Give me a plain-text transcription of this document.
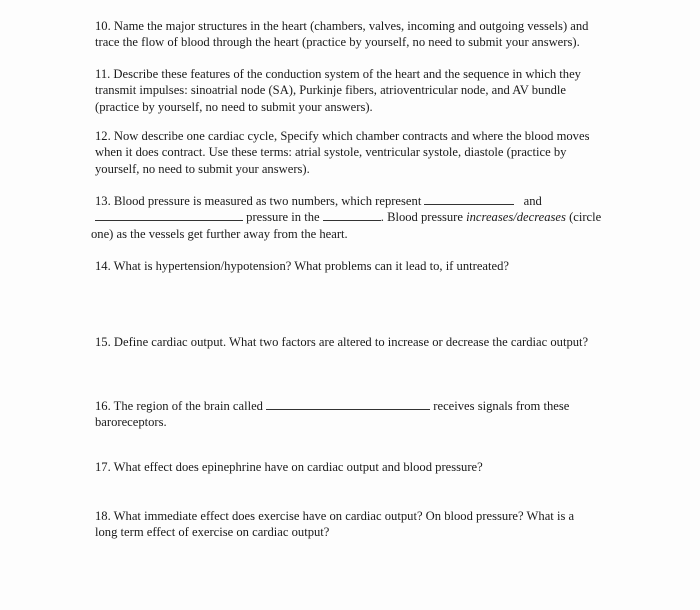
10. Name the major structures in the heart (chambers, valves, incoming and outgoing vessels) and
trace the flow of blood through the heart (practice by yourself, no need to submit your answers).
11. Describe these features of the conduction system of the heart and the sequence in which they
transmit impulses: sinoatrial node (SA), Purkinje fibers, atrioventricular node, and AV bundle
(practice by yourself, no need to submit your answers).
12. Now describe one cardiac cycle, Specify which chamber contracts and where the blood moves
when it does contract. Use these terms: atrial systole, ventricular systole, diastole (practice by
yourself, no need to submit your answers).
13. Blood pressure is measured as two numbers, which represent	and
pressure in the	. Blood pressure increases/decreases (circle
one) as the vessels get further away from the heart.
14. What is hypertension/hypotension? What problems can it lead to, if untreated?
15. Define cardiac output. What two factors are altered to increase or decrease the cardiac output?
16. The region of the brain called	receives signals from these
baroreceptors.
17. What effect does epinephrine have on cardiac output and blood pressure?
18. What immediate effect does exercise have on cardiac output? On blood pressure? What is a
long term effect of exercise on cardiac output?
